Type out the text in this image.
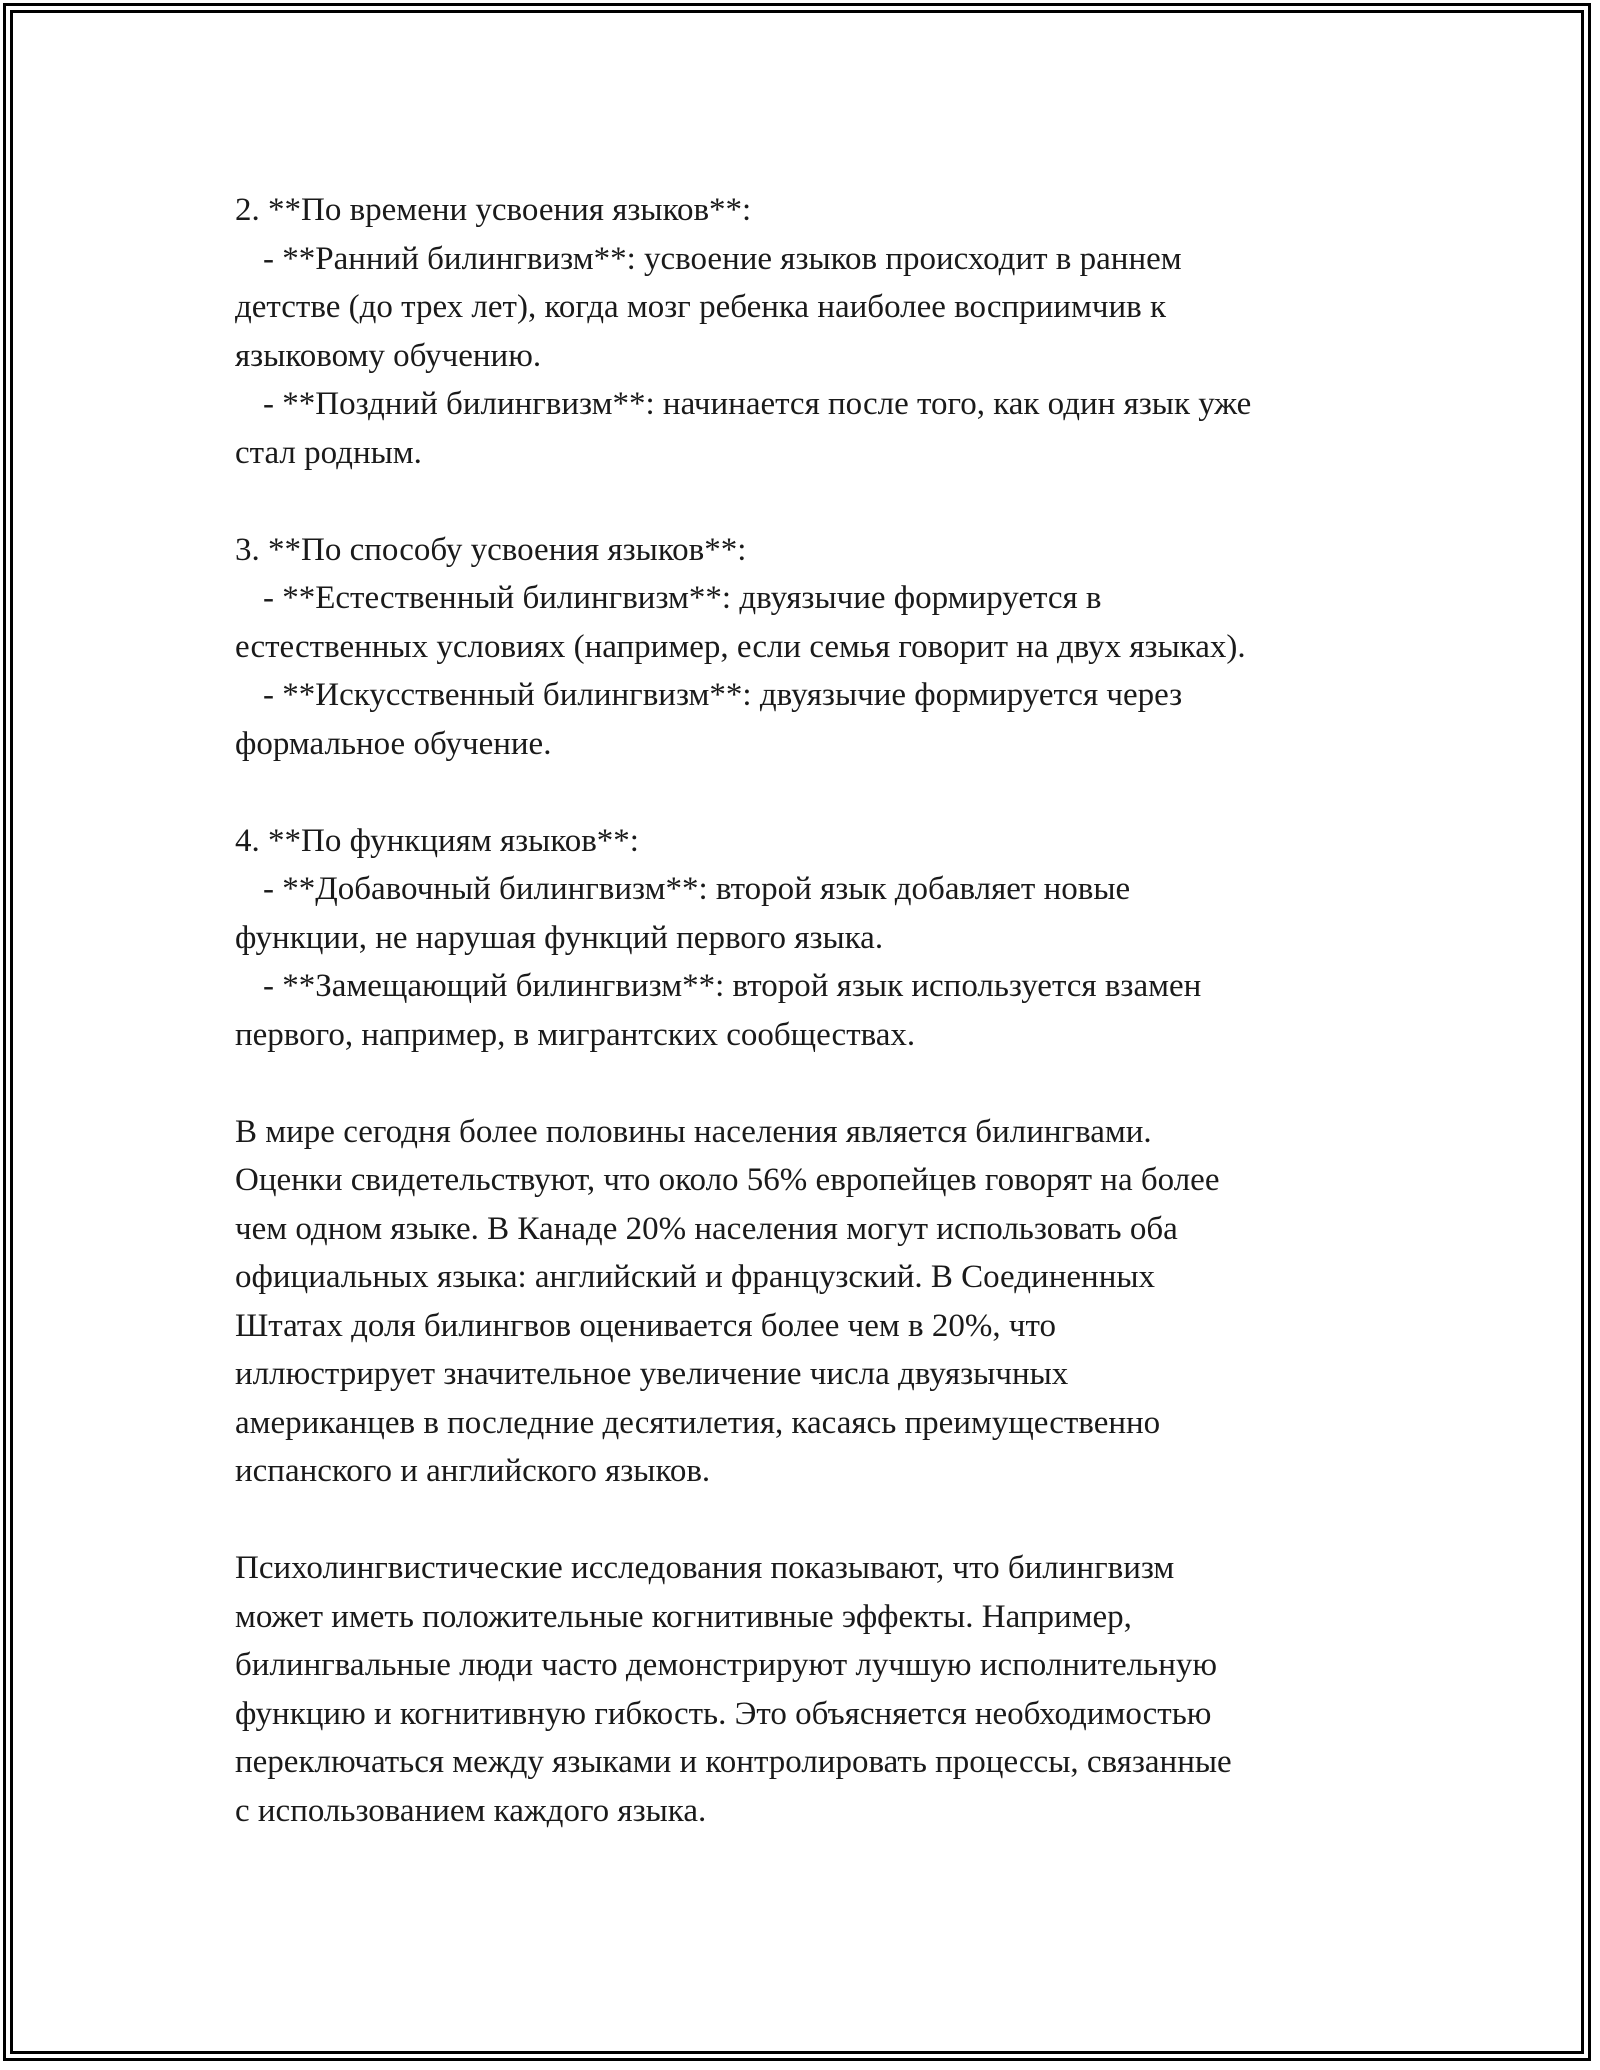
2. **По времени усвоения языков**:
- **Ранний билингвизм**: усвоение языков происходит в раннем
детстве (до трех лет), когда мозг ребенка наиболее восприимчив к
языковому обучению.
- **Поздний билингвизм**: начинается после того, как один язык уже
стал родным.
3. **По способу усвоения языков**:
- **Естественный билингвизм**: двуязычие формируется в
естественных условиях (например, если семья говорит на двух языках).
- **Искусственный билингвизм**: двуязычие формируется через
формальное обучение.
4. **По функциям языков**:
- **Добавочный билингвизм**: второй язык добавляет новые
функции, не нарушая функций первого языка.
- **Замещающий билингвизм**: второй язык используется взамен
первого, например, в мигрантских сообществах.
В мире сегодня более половины населения является билингвами.
Оценки свидетельствуют, что около 56% европейцев говорят на более
чем одном языке. В Канаде 20% населения могут использовать оба
официальных языка: английский и французский. В Соединенных
Штатах доля билингвов оценивается более чем в 20%, что
иллюстрирует значительное увеличение числа двуязычных
американцев в последние десятилетия, касаясь преимущественно
испанского и английского языков.
Психолингвистические исследования показывают, что билингвизм
может иметь положительные когнитивные эффекты. Например,
билингвальные люди часто демонстрируют лучшую исполнительную
функцию и когнитивную гибкость. Это объясняется необходимостью
переключаться между языками и контролировать процессы, связанные
с использованием каждого языка.
